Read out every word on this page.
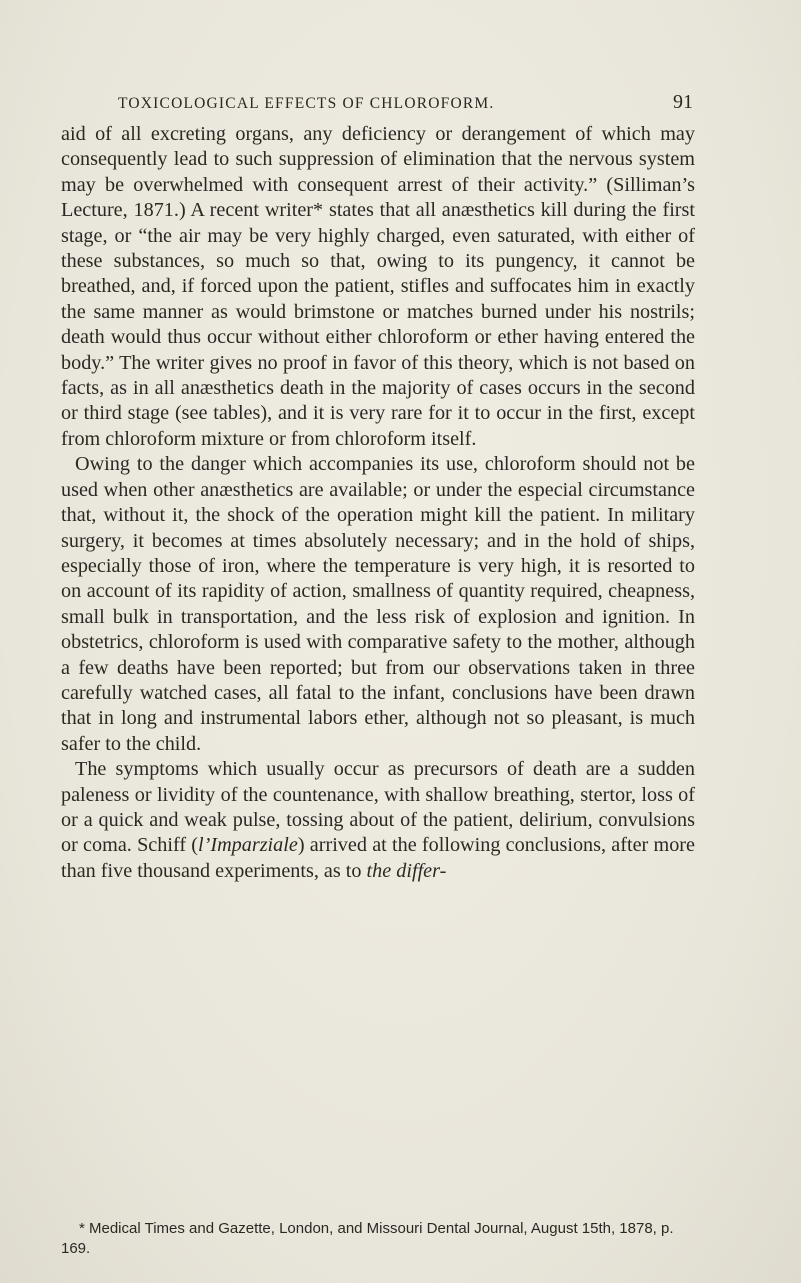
TOXICOLOGICAL EFFECTS OF CHLOROFORM.	91

aid of all excreting organs, any deficiency or derangement of which may consequently lead to such suppression of elimination that the nervous system may be overwhelmed with consequent arrest of their activity.” (Silliman’s Lecture, 1871.) A recent writer* states that all anæsthetics kill during the first stage, or “the air may be very highly charged, even saturated, with either of these substances, so much so that, owing to its pungency, it cannot be breathed, and, if forced upon the patient, stifles and suffocates him in exactly the same manner as would brimstone or matches burned under his nostrils; death would thus occur without either chloroform or ether having entered the body.” The writer gives no proof in favor of this theory, which is not based on facts, as in all anæsthetics death in the majority of cases occurs in the second or third stage (see tables), and it is very rare for it to occur in the first, except from chloroform mixture or from chloroform itself.

Owing to the danger which accompanies its use, chloroform should not be used when other anæsthetics are available; or under the especial circumstance that, without it, the shock of the operation might kill the patient. In military surgery, it becomes at times absolutely necessary; and in the hold of ships, especially those of iron, where the temperature is very high, it is resorted to on account of its rapidity of action, smallness of quantity required, cheapness, small bulk in transportation, and the less risk of explosion and ignition. In obstetrics, chloroform is used with comparative safety to the mother, although a few deaths have been reported; but from our observations taken in three carefully watched cases, all fatal to the infant, conclusions have been drawn that in long and instrumental labors ether, although not so pleasant, is much safer to the child.

The symptoms which usually occur as precursors of death are a sudden paleness or lividity of the countenance, with shallow breathing, stertor, loss of or a quick and weak pulse, tossing about of the patient, delirium, convulsions or coma. Schiff (l’Imparziale) arrived at the following conclusions, after more than five thousand experiments, as to the differ-

* Medical Times and Gazette, London, and Missouri Dental Journal, August 15th, 1878, p. 169.
